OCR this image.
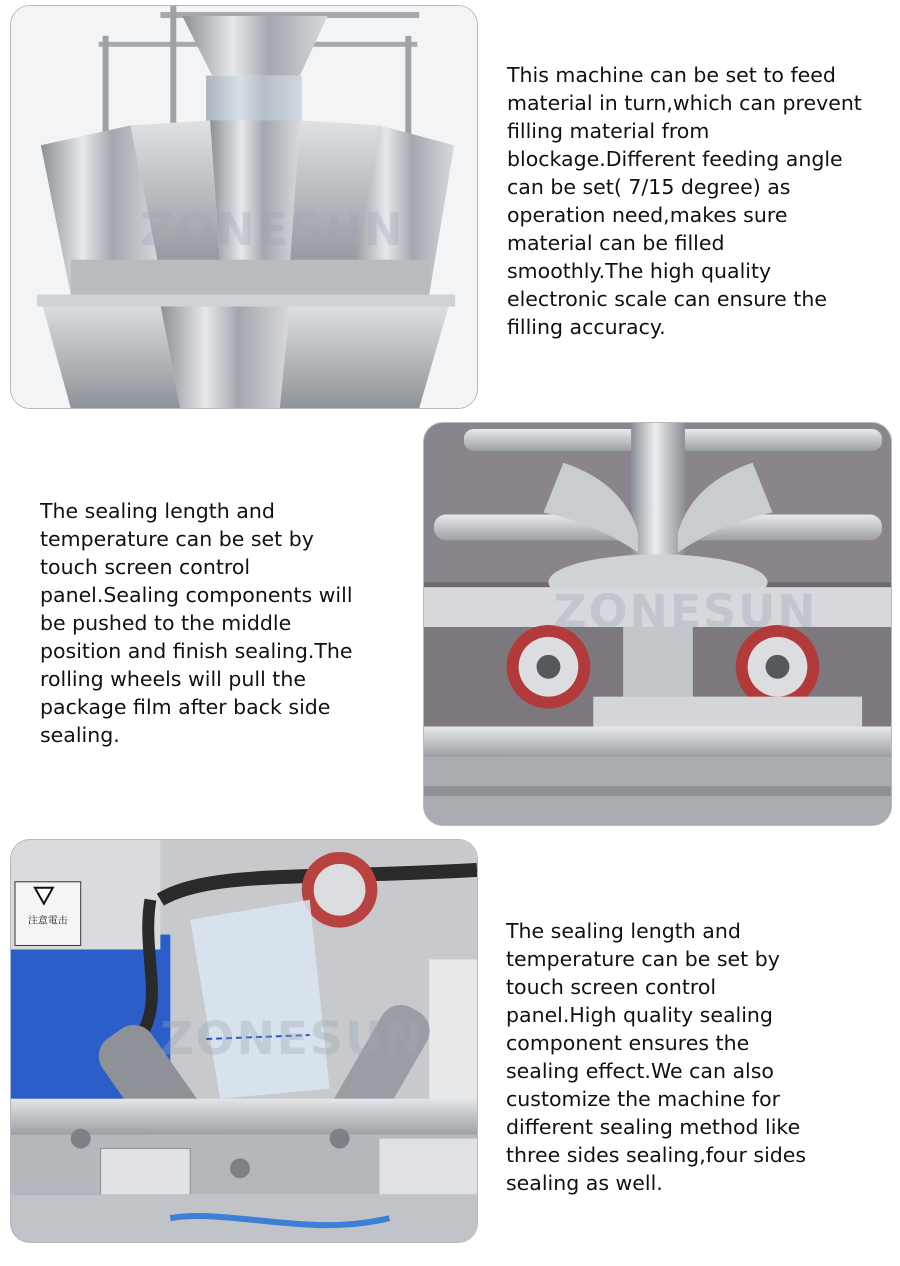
ZONESUN

This machine can be set to feed
material in turn,which can prevent
filling material from
blockage.Different feeding angle
can be set( 7/15 degree) as
operation need,makes sure
material can be filled
smoothly.The high quality
electronic scale can ensure the
filling accuracy.

ZONESUN

The sealing length and
temperature can be set by
touch screen control
panel.Sealing components will
be pushed to the middle
position and finish sealing.The
rolling wheels will pull the
package film after back side
sealing.

注意電击
ZONESUN

The sealing length and
temperature can be set by
touch screen control
panel.High quality sealing
component ensures the
sealing effect.We can also
customize the machine for
different sealing method like
three sides sealing,four sides
sealing as well.
